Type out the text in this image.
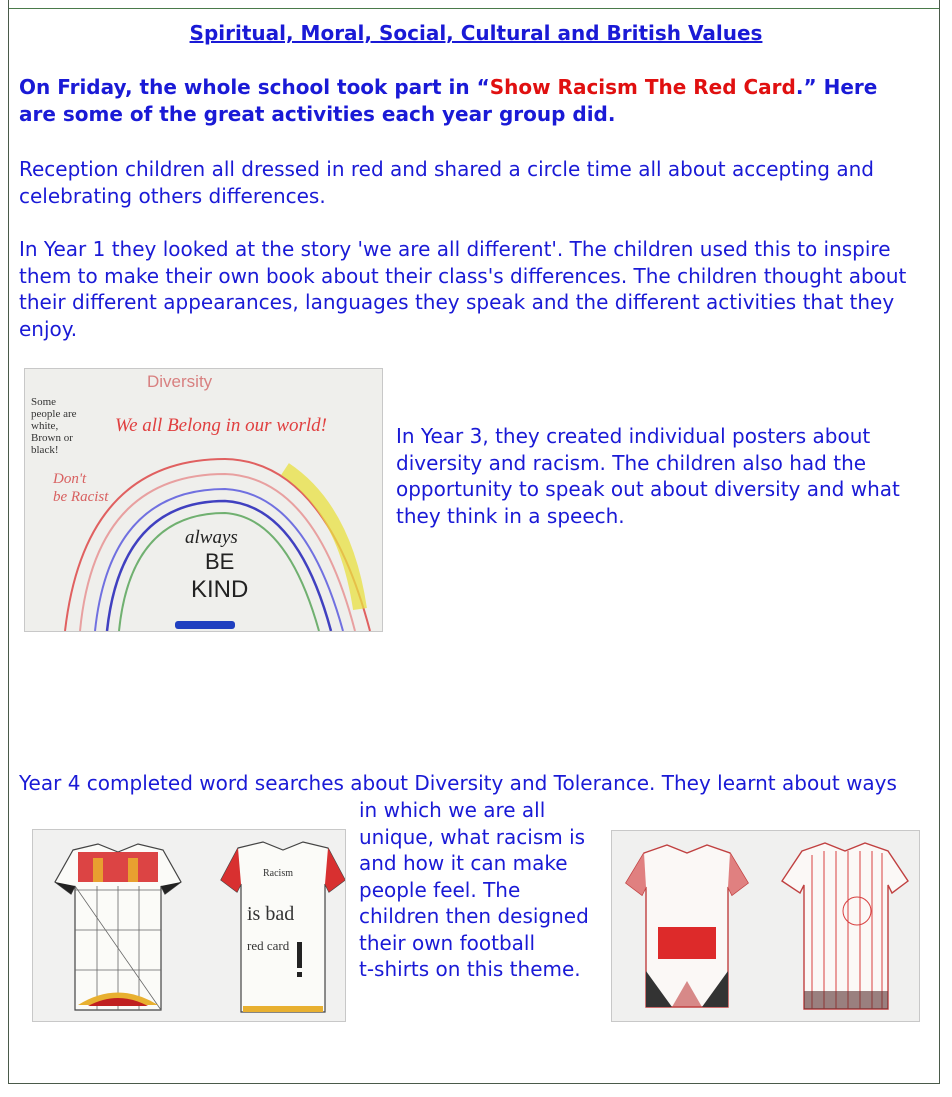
Spiritual, Moral, Social, Cultural and British Values
On Friday, the whole school took part in “Show Racism The Red Card.” Here are some of the great activities each year group did.
Reception children all dressed in red and shared a circle time all about accepting and celebrating others differences.
In Year 1 they looked at the story 'we are all different'. The children used this to inspire them to make their own book about their class's differences. The children thought about their different appearances, languages they speak and the different activities that they enjoy.
Diversity
We all Belong in our world!
Some people are white, Brown or black!
Don't be Racist
always
BE
KIND
In Year 3, they created individual posters about diversity and racism. The children also had the opportunity to speak out about diversity and what they think in a speech.
Year 4 completed word searches about Diversity and Tolerance. They learnt about ways
in which we are all
unique, what racism is
and how it can make
people feel. The
children then designed
their own football
t-shirts on this theme.
Racism
is bad
red card
